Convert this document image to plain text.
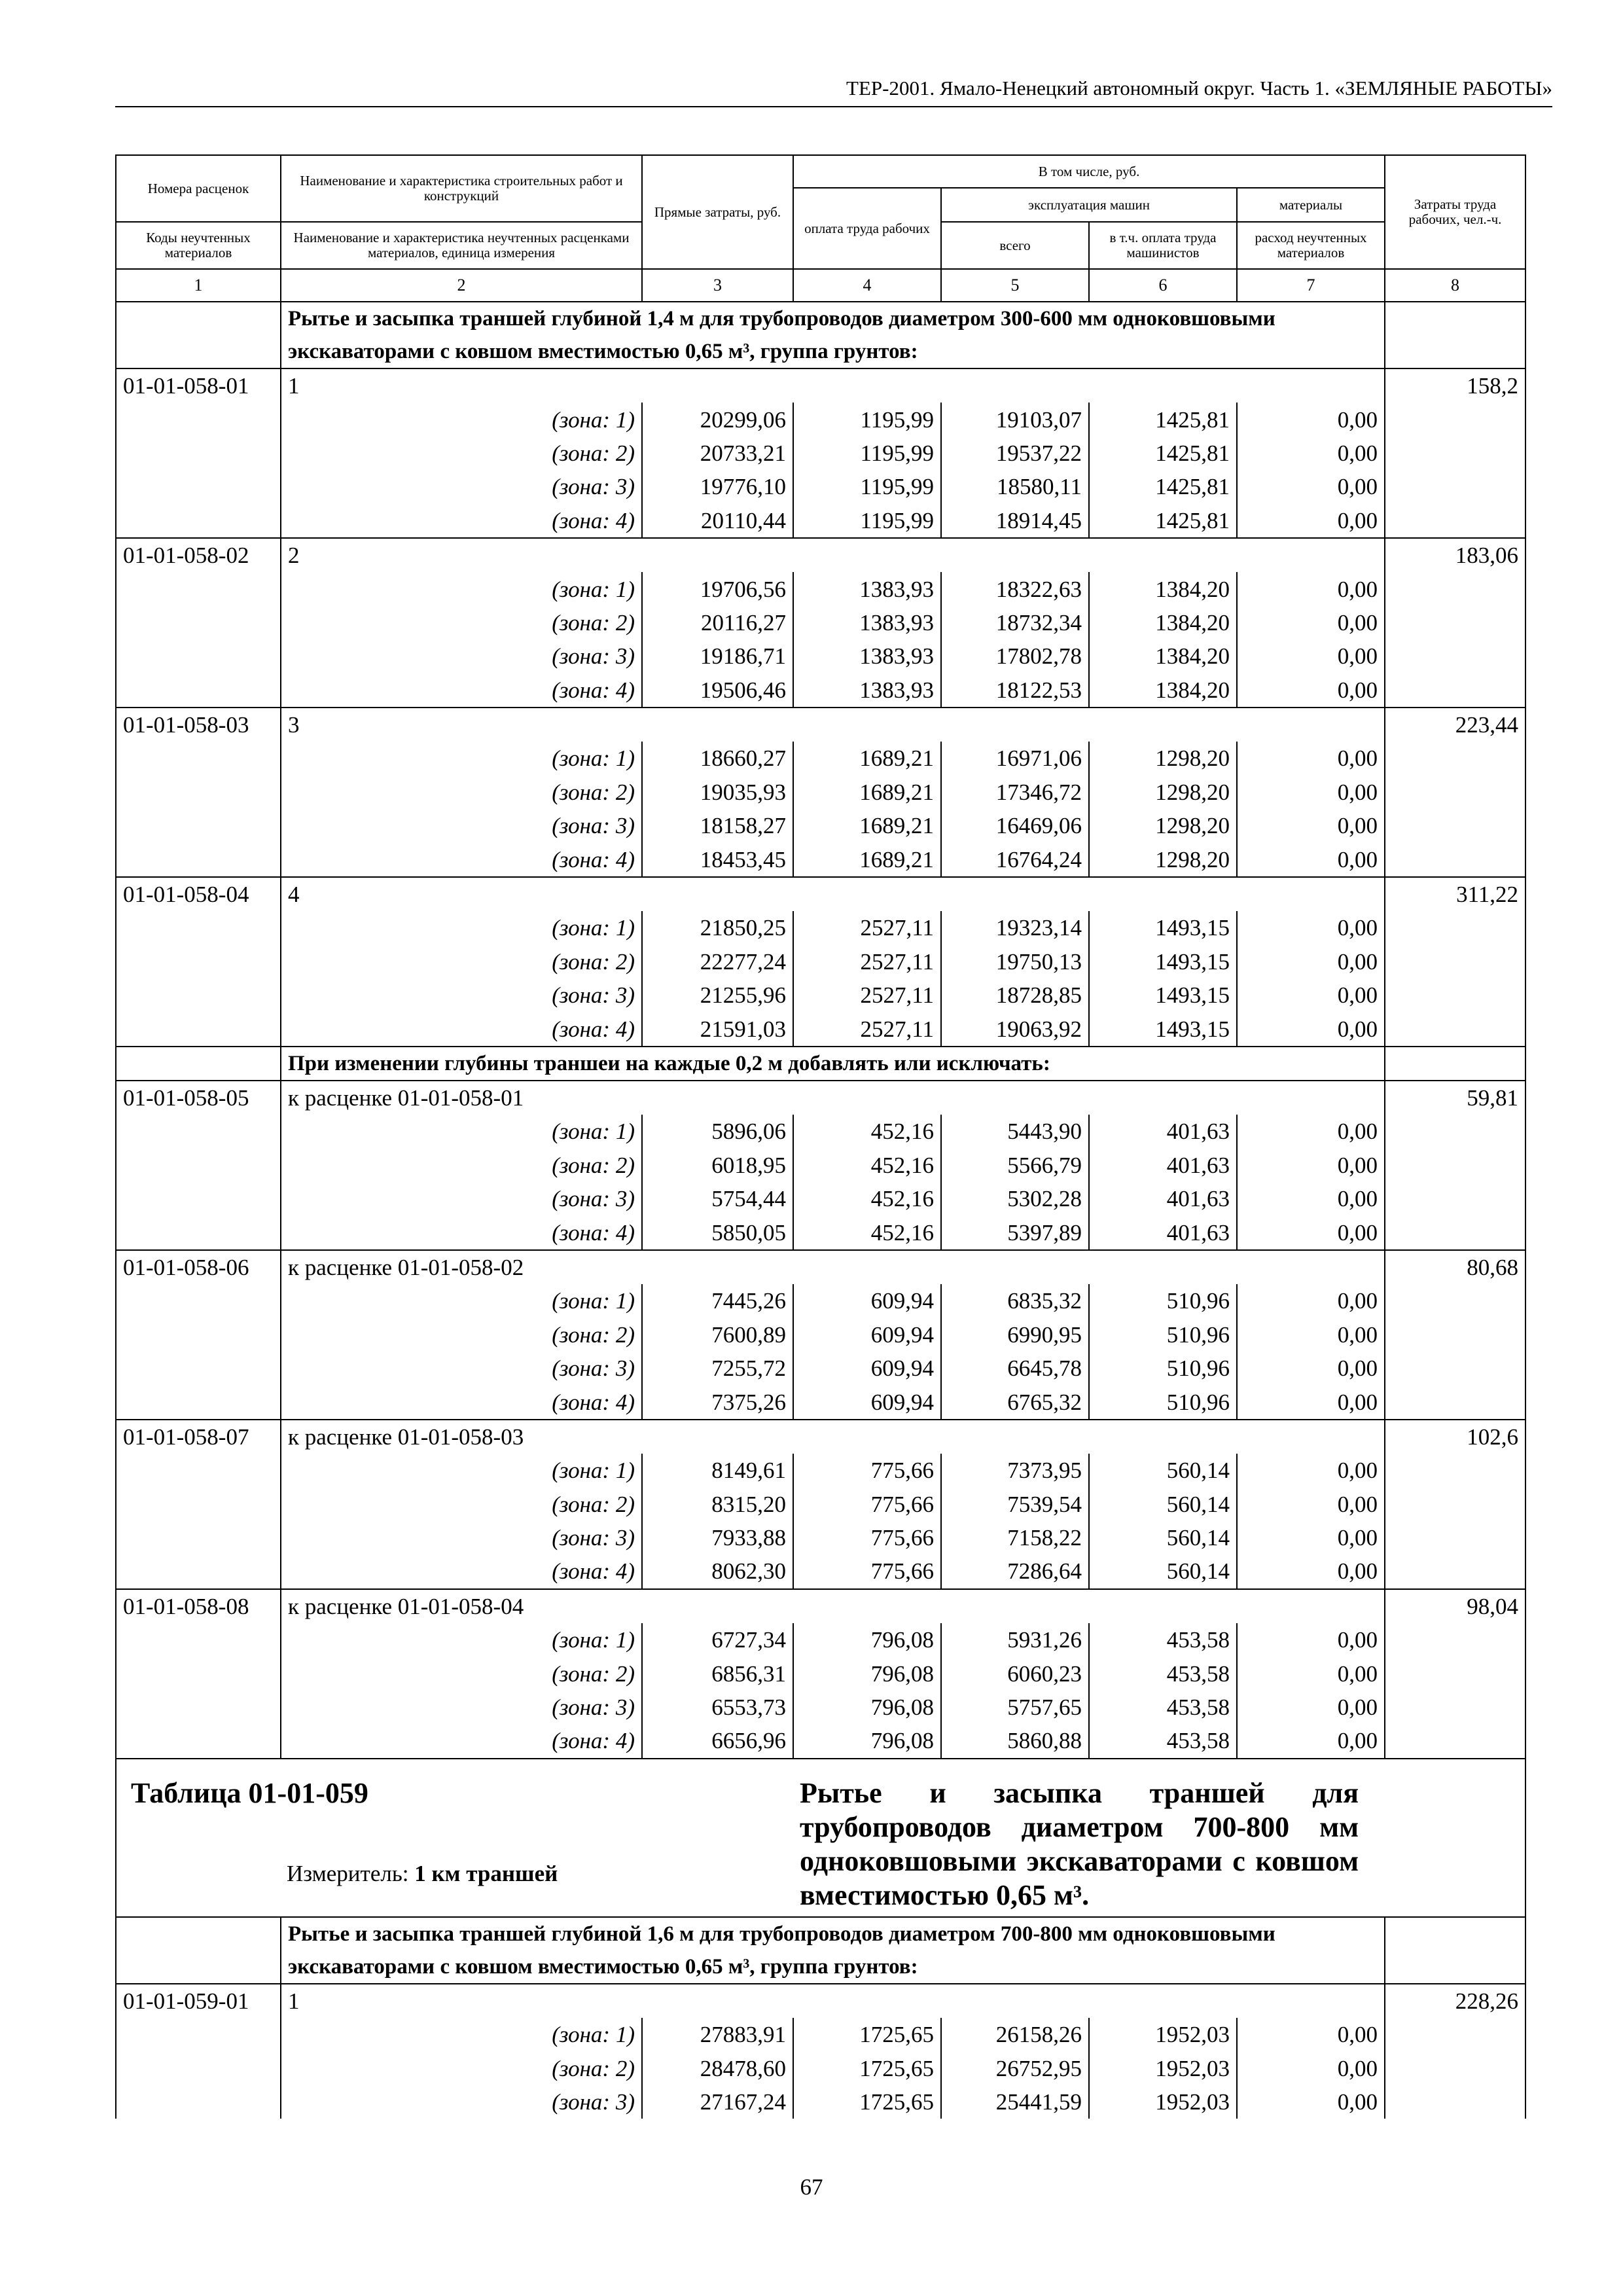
ТЕР-2001. Ямало-Ненецкий автономный округ. Часть 1. «ЗЕМЛЯНЫЕ РАБОТЫ»
Номера расценок	Наименование и характеристика строительных работ и конструкций	Прямые затраты, руб.	В том числе, руб.				Затраты труда рабочих, чел.-ч.
			оплата труда рабочих	эксплуатация машин		материалы	
Коды неучтенных материалов	Наименование и характеристика неучтенных расценками материалов, единица измерения			всего	в т.ч. оплата труда машинистов	расход неучтенных материалов	

1	2	3	4	5	6	7	8
	Рытье и засыпка траншей глубиной 1,4 м для трубопроводов диаметром 300-600 мм одноковшовыми экскаваторами с ковшом вместимостью 0,65 м³, группа грунтов:						
01-01-058-01	1						158,2
	(зона: 1)	20299,06	1195,99	19103,07	1425,81	0,00	
	(зона: 2)	20733,21	1195,99	19537,22	1425,81	0,00	
	(зона: 3)	19776,10	1195,99	18580,11	1425,81	0,00	
	(зона: 4)	20110,44	1195,99	18914,45	1425,81	0,00	
01-01-058-02	2						183,06
	(зона: 1)	19706,56	1383,93	18322,63	1384,20	0,00	
	(зона: 2)	20116,27	1383,93	18732,34	1384,20	0,00	
	(зона: 3)	19186,71	1383,93	17802,78	1384,20	0,00	
	(зона: 4)	19506,46	1383,93	18122,53	1384,20	0,00	
01-01-058-03	3						223,44
	(зона: 1)	18660,27	1689,21	16971,06	1298,20	0,00	
	(зона: 2)	19035,93	1689,21	17346,72	1298,20	0,00	
	(зона: 3)	18158,27	1689,21	16469,06	1298,20	0,00	
	(зона: 4)	18453,45	1689,21	16764,24	1298,20	0,00	
01-01-058-04	4						311,22
	(зона: 1)	21850,25	2527,11	19323,14	1493,15	0,00	
	(зона: 2)	22277,24	2527,11	19750,13	1493,15	0,00	
	(зона: 3)	21255,96	2527,11	18728,85	1493,15	0,00	
	(зона: 4)	21591,03	2527,11	19063,92	1493,15	0,00	
	При изменении глубины траншеи на каждые 0,2 м добавлять или исключать:						
01-01-058-05	к расценке 01-01-058-01						59,81
	(зона: 1)	5896,06	452,16	5443,90	401,63	0,00	
	(зона: 2)	6018,95	452,16	5566,79	401,63	0,00	
	(зона: 3)	5754,44	452,16	5302,28	401,63	0,00	
	(зона: 4)	5850,05	452,16	5397,89	401,63	0,00	
01-01-058-06	к расценке 01-01-058-02						80,68
	(зона: 1)	7445,26	609,94	6835,32	510,96	0,00	
	(зона: 2)	7600,89	609,94	6990,95	510,96	0,00	
	(зона: 3)	7255,72	609,94	6645,78	510,96	0,00	
	(зона: 4)	7375,26	609,94	6765,32	510,96	0,00	
01-01-058-07	к расценке 01-01-058-03						102,6
	(зона: 1)	8149,61	775,66	7373,95	560,14	0,00	
	(зона: 2)	8315,20	775,66	7539,54	560,14	0,00	
	(зона: 3)	7933,88	775,66	7158,22	560,14	0,00	
	(зона: 4)	8062,30	775,66	7286,64	560,14	0,00	
01-01-058-08	к расценке 01-01-058-04						98,04
	(зона: 1)	6727,34	796,08	5931,26	453,58	0,00	
	(зона: 2)	6856,31	796,08	6060,23	453,58	0,00	
	(зона: 3)	6553,73	796,08	5757,65	453,58	0,00	
	(зона: 4)	6656,96	796,08	5860,88	453,58	0,00	

Таблица 01-01-059
Измеритель: 1 км траншей			Рытье и засыпка траншей для трубопроводов диаметром 700-800 мм одноковшовыми экскаваторами с ковшом вместимостью 0,65 м³.				
	Рытье и засыпка траншей глубиной 1,6 м для трубопроводов диаметром 700-800 мм одноковшовыми экскаваторами с ковшом вместимостью 0,65 м³, группа грунтов:						
01-01-059-01	1						228,26
	(зона: 1)	27883,91	1725,65	26158,26	1952,03	0,00	
	(зона: 2)	28478,60	1725,65	26752,95	1952,03	0,00	
	(зона: 3)	27167,24	1725,65	25441,59	1952,03	0,00	
67
